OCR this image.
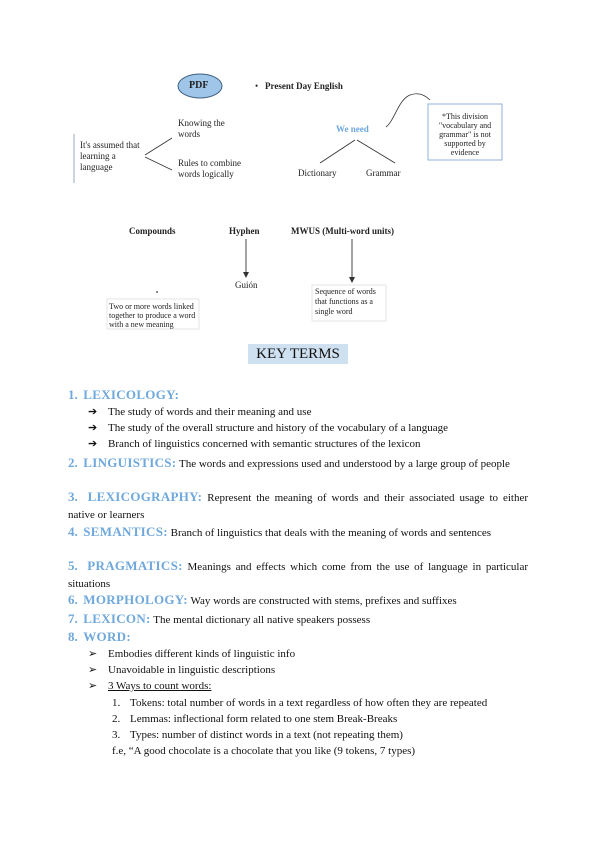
PDF	• Present Day English
It's assumed that learning a language
Knowing the words
Rules to combine words logically
We need
Dictionary	Grammar
*This division "vocabulary and grammar" is not supported by evidence
Compounds	Hyphen	MWUS (Multi-word units)
Guión
Two or more words linked together to produce a word with a new meaning
Sequence of words that functions as a single word
KEY TERMS
1. LEXICOLOGY:
➔ The study of words and their meaning and use
➔ The study of the overall structure and history of the vocabulary of a language
➔ Branch of linguistics concerned with semantic structures of the lexicon
2. LINGUISTICS: The words and expressions used and understood by a large group of people
3. LEXICOGRAPHY: Represent the meaning of words and their associated usage to either native or learners
4. SEMANTICS: Branch of linguistics that deals with the meaning of words and sentences
5. PRAGMATICS: Meanings and effects which come from the use of language in particular situations
6. MORPHOLOGY: Way words are constructed with stems, prefixes and suffixes
7. LEXICON: The mental dictionary all native speakers possess
8. WORD:
➢ Embodies different kinds of linguistic info
➢ Unavoidable in linguistic descriptions
➢ 3 Ways to count words:
1. Tokens: total number of words in a text regardless of how often they are repeated
2. Lemmas: inflectional form related to one stem Break-Breaks
3. Types: number of distinct words in a text (not repeating them)
f.e, “A good chocolate is a chocolate that you like (9 tokens, 7 types)
